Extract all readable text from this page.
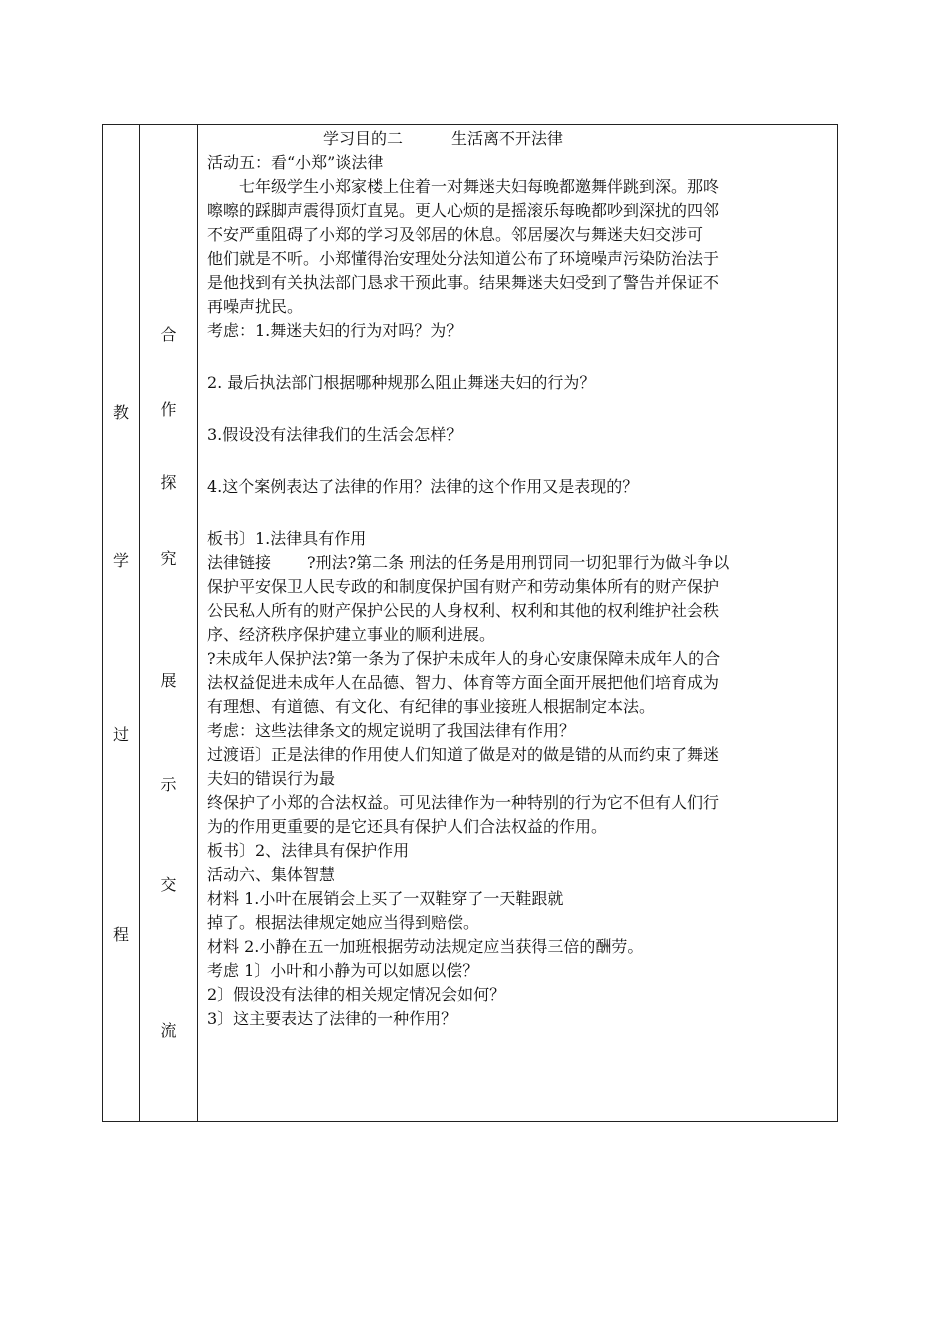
教
学
过
程
合
作
探
究
展
示
交
流
学习目的二	生活离不开法律
活动五：看“小郑”谈法律
七年级学生小郑家楼上住着一对舞迷夫妇每晚都邀舞伴跳到深。那咚
嚓嚓的踩脚声震得顶灯直晃。更人心烦的是摇滚乐每晚都吵到深扰的四邻
不安严重阻碍了小郑的学习及邻居的休息。邻居屡次与舞迷夫妇交涉可
他们就是不听。小郑懂得治安理处分法知道公布了环境噪声污染防治法于
是他找到有关执法部门恳求干预此事。结果舞迷夫妇受到了警告并保证不
再噪声扰民。
考虑：1.舞迷夫妇的行为对吗？为？
2. 最后执法部门根据哪种规那么阻止舞迷夫妇的行为？
3.假设没有法律我们的生活会怎样？
4.这个案例表达了法律的作用？法律的这个作用又是表现的？
板书〕1.法律具有作用
法律链接 ?刑法?第二条 刑法的任务是用刑罚同一切犯罪行为做斗争以
保护平安保卫人民专政的和制度保护国有财产和劳动集体所有的财产保护
公民私人所有的财产保护公民的人身权利、权利和其他的权利维护社会秩
序、经济秩序保护建立事业的顺利进展。
?未成年人保护法?第一条为了保护未成年人的身心安康保障未成年人的合
法权益促进未成年人在品德、智力、体育等方面全面开展把他们培育成为
有理想、有道德、有文化、有纪律的事业接班人根据制定本法。
考虑：这些法律条文的规定说明了我国法律有作用？
过渡语〕正是法律的作用使人们知道了做是对的做是错的从而约束了舞迷
夫妇的错误行为最
终保护了小郑的合法权益。可见法律作为一种特别的行为它不但有人们行
为的作用更重要的是它还具有保护人们合法权益的作用。
板书〕2、法律具有保护作用
活动六、集体智慧
材料 1.小叶在展销会上买了一双鞋穿了一天鞋跟就
掉了。根据法律规定她应当得到赔偿。
材料 2.小静在五一加班根据劳动法规定应当获得三倍的酬劳。
考虑 1〕小叶和小静为可以如愿以偿？
2〕假设没有法律的相关规定情况会如何？
3〕这主要表达了法律的一种作用？
